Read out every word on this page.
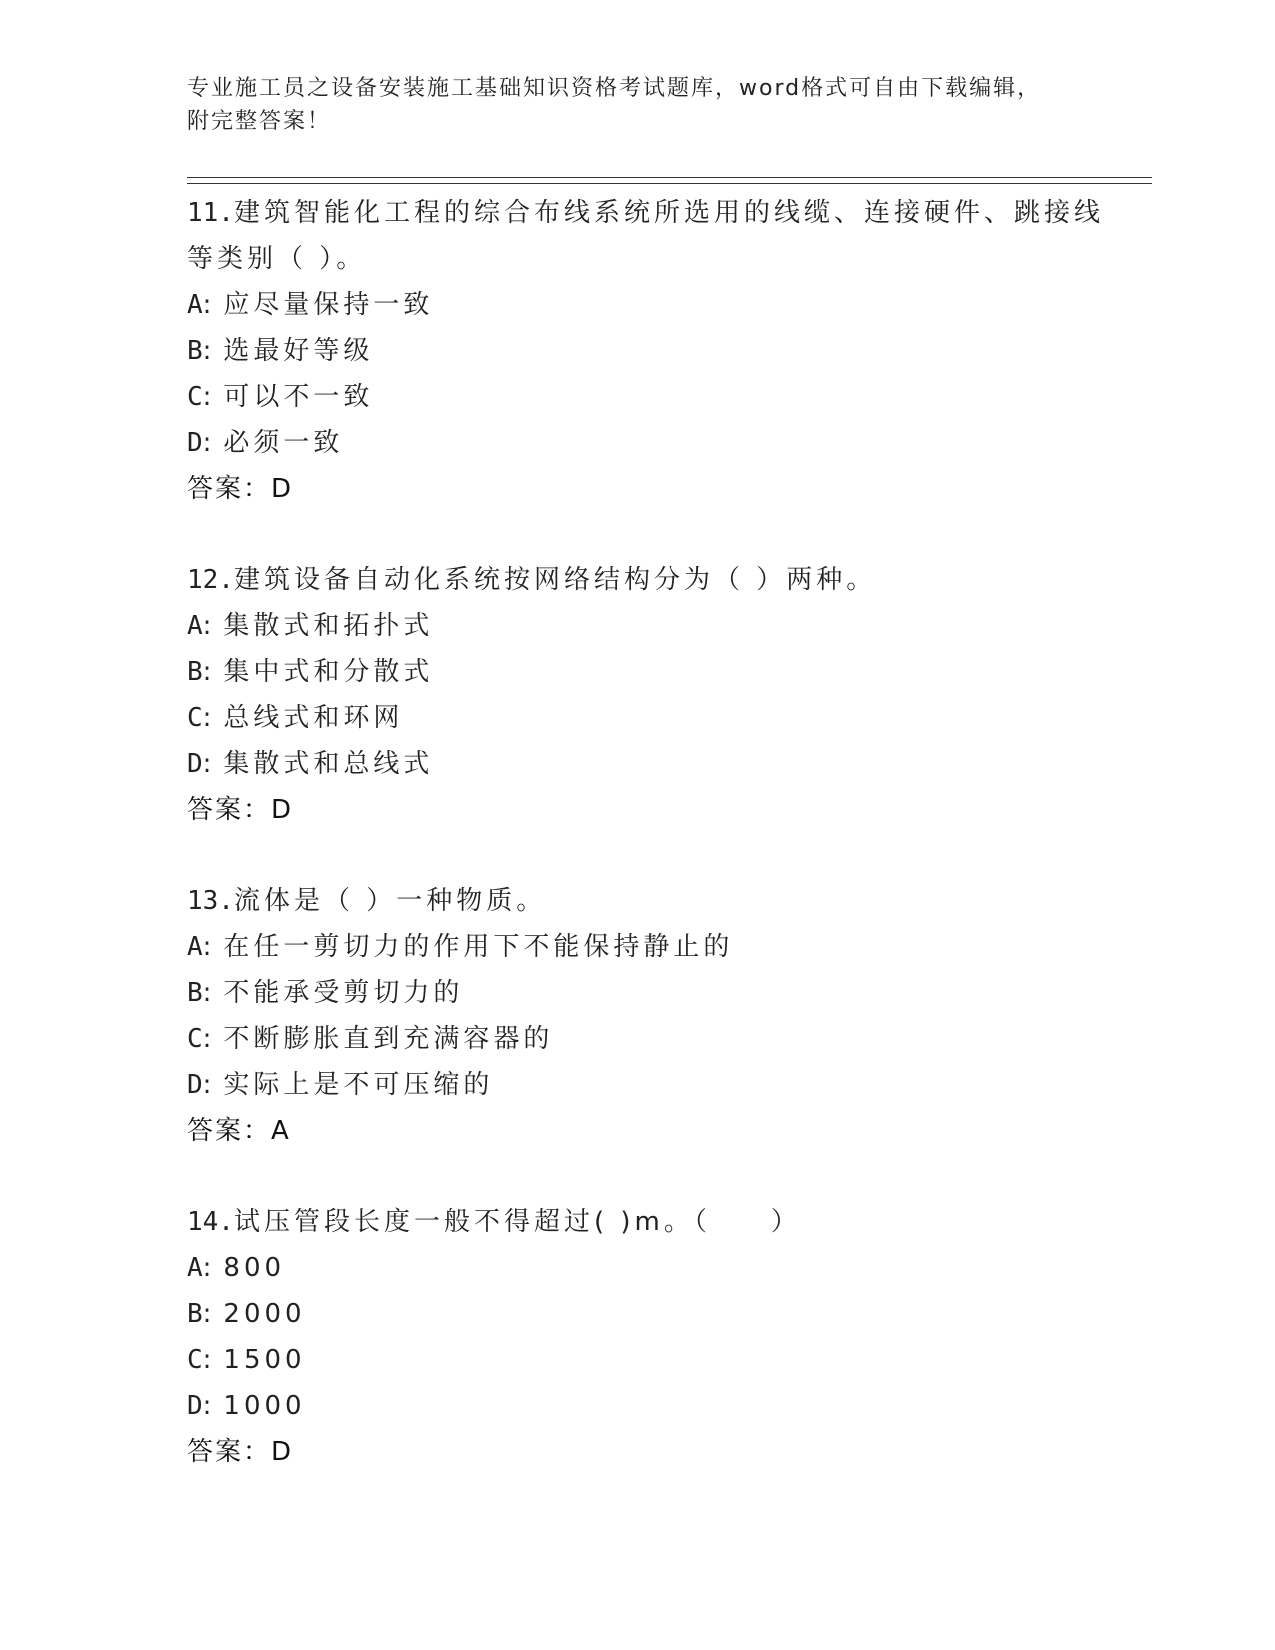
专业施工员之设备安装施工基础知识资格考试题库，word格式可自由下载编辑，
附完整答案！
11.建筑智能化工程的综合布线系统所选用的线缆、连接硬件、跳接线
等类别（ ）。
A: 应尽量保持一致
B: 选最好等级
C: 可以不一致
D: 必须一致
答案：D
12.建筑设备自动化系统按网络结构分为（ ）两种。
A: 集散式和拓扑式
B: 集中式和分散式
C: 总线式和环网
D: 集散式和总线式
答案：D
13.流体是（ ）一种物质。
A: 在任一剪切力的作用下不能保持静止的
B: 不能承受剪切力的
C: 不断膨胀直到充满容器的
D: 实际上是不可压缩的
答案：A
14.试压管段长度一般不得超过( )m。（　　）
A: 800
B: 2000
C: 1500
D: 1000
答案：D
